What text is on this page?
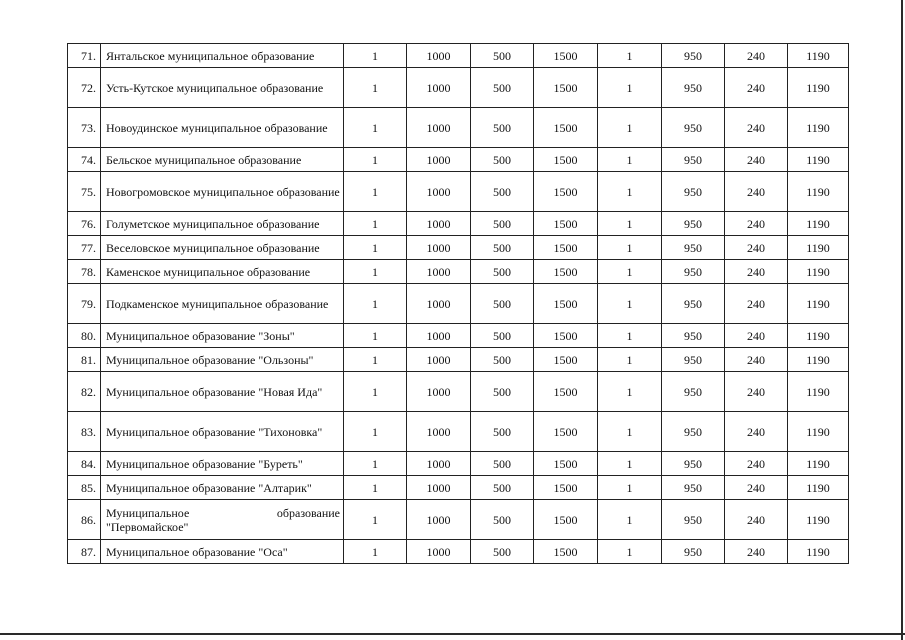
71.	Янтальское муниципальное образование	1	1000	500	1500	1	950	240	1190
72.	Усть-Кутское муниципальное образование	1	1000	500	1500	1	950	240	1190
73.	Новоудинское муниципальное образование	1	1000	500	1500	1	950	240	1190
74.	Бельское муниципальное образование	1	1000	500	1500	1	950	240	1190
75.	Новогромовское муниципальное образование	1	1000	500	1500	1	950	240	1190
76.	Голуметское муниципальное образование	1	1000	500	1500	1	950	240	1190
77.	Веселовское муниципальное образование	1	1000	500	1500	1	950	240	1190
78.	Каменское муниципальное образование	1	1000	500	1500	1	950	240	1190
79.	Подкаменское муниципальное образование	1	1000	500	1500	1	950	240	1190
80.	Муниципальное образование "Зоны"	1	1000	500	1500	1	950	240	1190
81.	Муниципальное образование "Ользоны"	1	1000	500	1500	1	950	240	1190
82.	Муниципальное образование "Новая Ида"	1	1000	500	1500	1	950	240	1190
83.	Муниципальное образование "Тихоновка"	1	1000	500	1500	1	950	240	1190
84.	Муниципальное образование "Буреть"	1	1000	500	1500	1	950	240	1190
85.	Муниципальное образование "Алтарик"	1	1000	500	1500	1	950	240	1190
86.	Муниципальное образование "Первомайское"	1	1000	500	1500	1	950	240	1190
87.	Муниципальное образование "Оса"	1	1000	500	1500	1	950	240	1190
